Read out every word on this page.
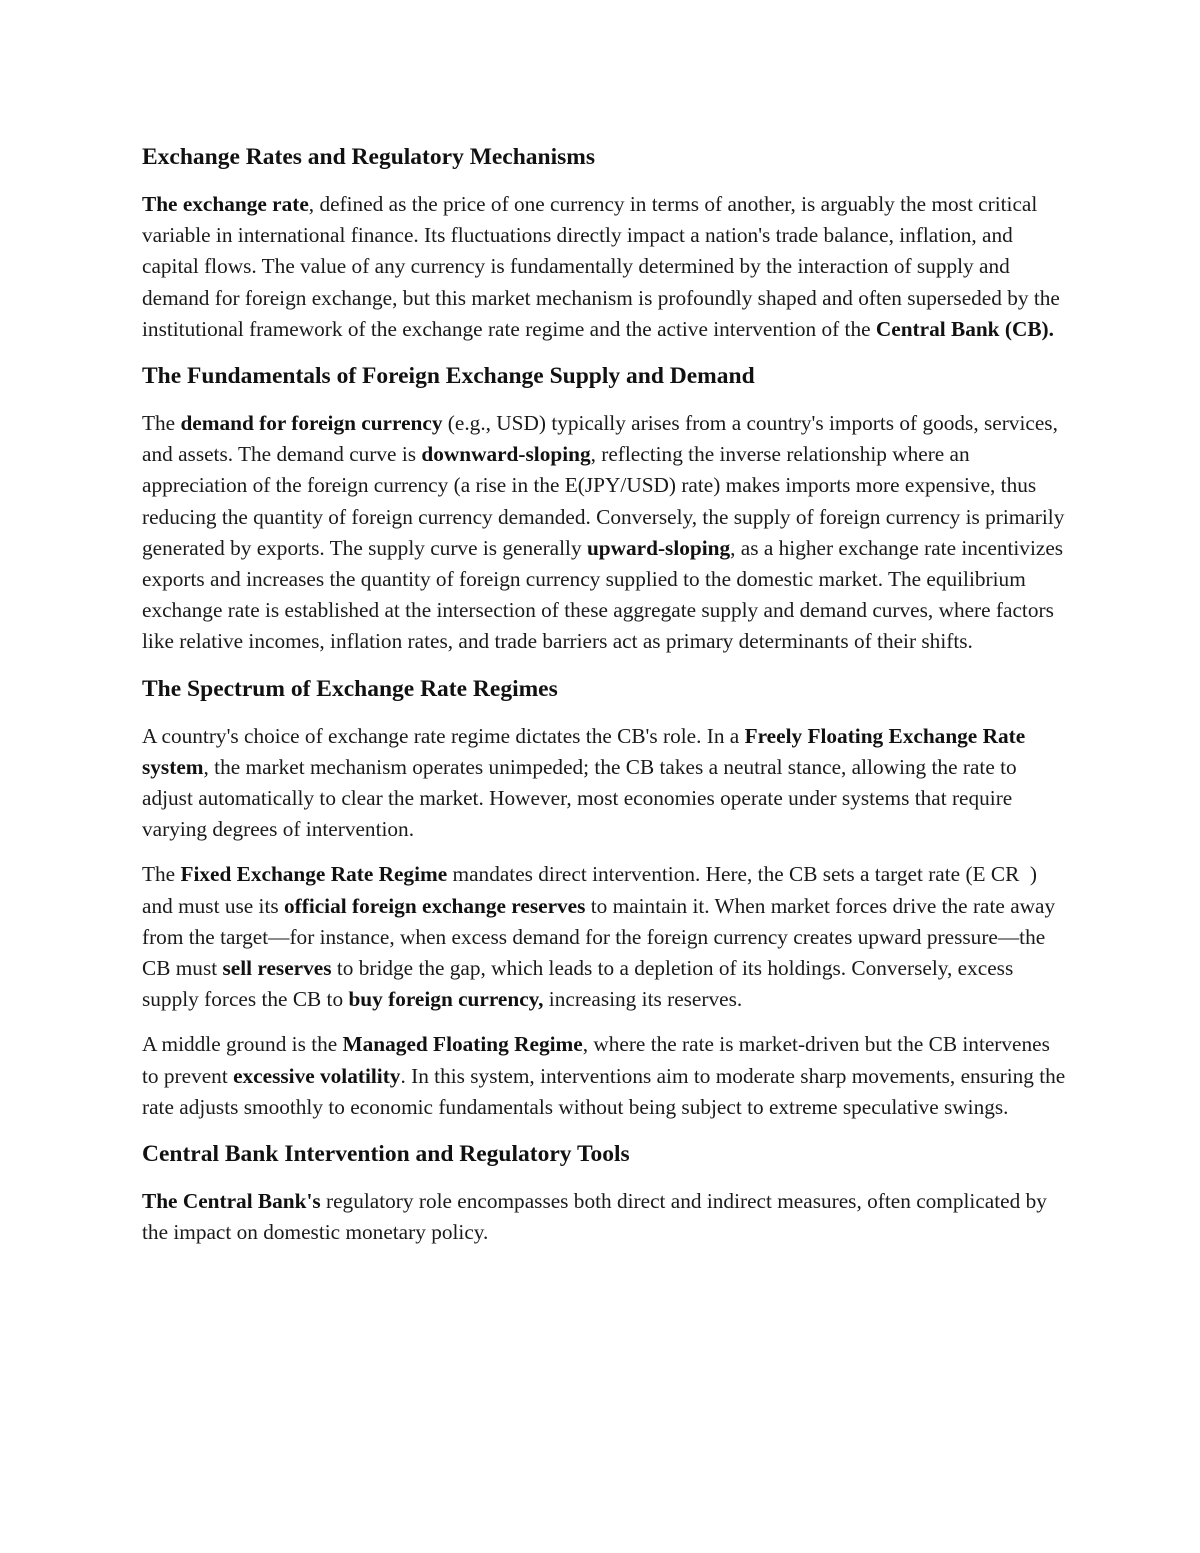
Exchange Rates and Regulatory Mechanisms

The exchange rate, defined as the price of one currency in terms of another, is arguably the most critical variable in international finance. Its fluctuations directly impact a nation's trade balance, inflation, and capital flows. The value of any currency is fundamentally determined by the interaction of supply and demand for foreign exchange, but this market mechanism is profoundly shaped and often superseded by the institutional framework of the exchange rate regime and the active intervention of the Central Bank (CB).

The Fundamentals of Foreign Exchange Supply and Demand

The demand for foreign currency (e.g., USD) typically arises from a country's imports of goods, services, and assets. The demand curve is downward-sloping, reflecting the inverse relationship where an appreciation of the foreign currency (a rise in the E(JPY/USD) rate) makes imports more expensive, thus reducing the quantity of foreign currency demanded. Conversely, the supply of foreign currency is primarily generated by exports. The supply curve is generally upward-sloping, as a higher exchange rate incentivizes exports and increases the quantity of foreign currency supplied to the domestic market. The equilibrium exchange rate is established at the intersection of these aggregate supply and demand curves, where factors like relative incomes, inflation rates, and trade barriers act as primary determinants of their shifts.

The Spectrum of Exchange Rate Regimes

A country's choice of exchange rate regime dictates the CB's role. In a Freely Floating Exchange Rate system, the market mechanism operates unimpeded; the CB takes a neutral stance, allowing the rate to adjust automatically to clear the market. However, most economies operate under systems that require varying degrees of intervention.

The Fixed Exchange Rate Regime mandates direct intervention. Here, the CB sets a target rate (E CR  ) and must use its official foreign exchange reserves to maintain it. When market forces drive the rate away from the target—for instance, when excess demand for the foreign currency creates upward pressure—the CB must sell reserves to bridge the gap, which leads to a depletion of its holdings. Conversely, excess supply forces the CB to buy foreign currency, increasing its reserves.

A middle ground is the Managed Floating Regime, where the rate is market-driven but the CB intervenes to prevent excessive volatility. In this system, interventions aim to moderate sharp movements, ensuring the rate adjusts smoothly to economic fundamentals without being subject to extreme speculative swings.

Central Bank Intervention and Regulatory Tools

The Central Bank's regulatory role encompasses both direct and indirect measures, often complicated by the impact on domestic monetary policy.
